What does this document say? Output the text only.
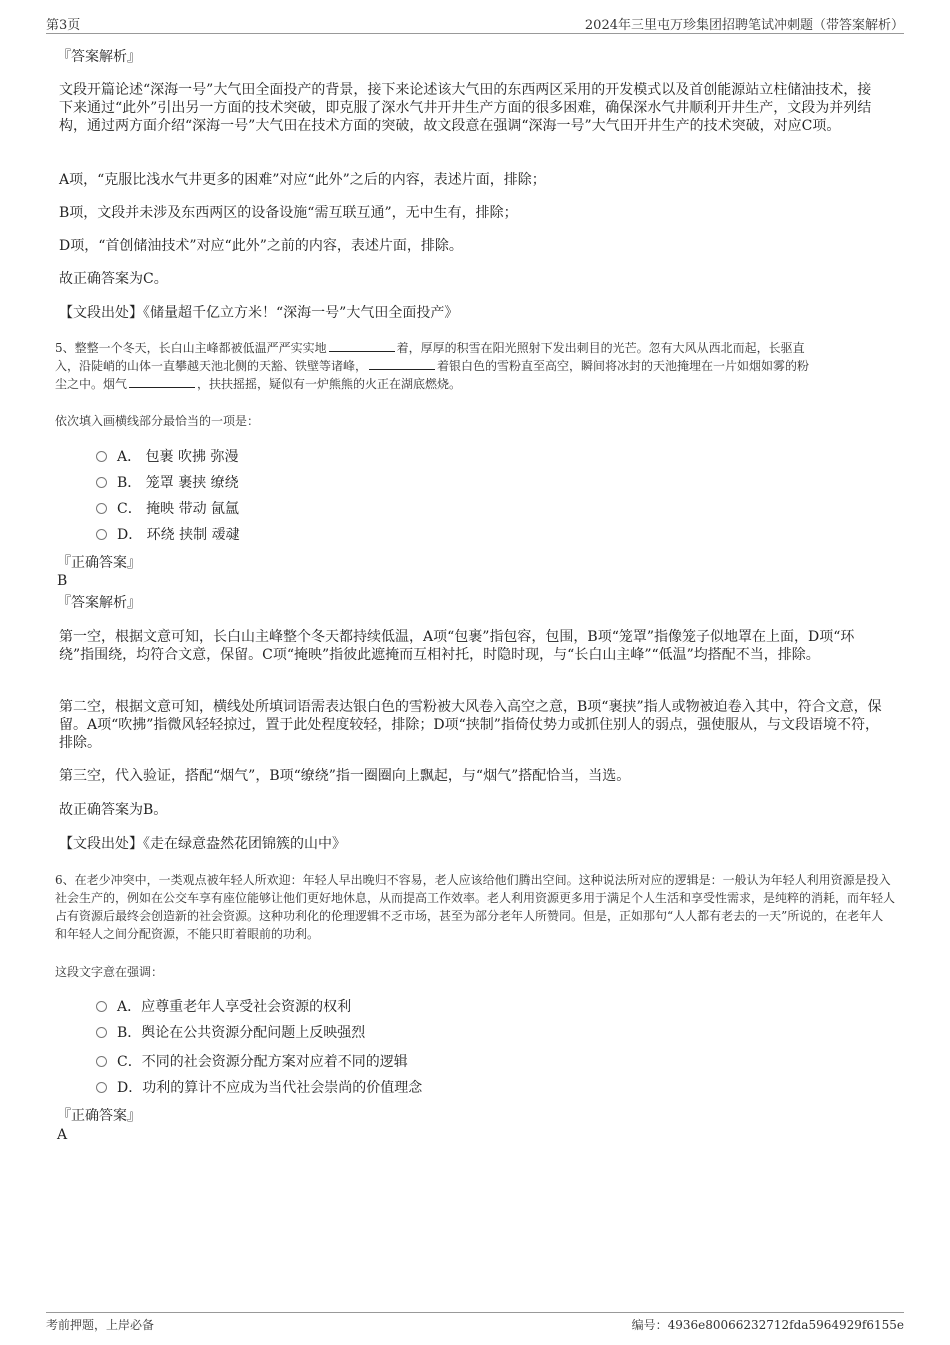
第3页	2024年三里屯万珍集团招聘笔试冲刺题（带答案解析）
『答案解析』
文段开篇论述“深海一号”大气田全面投产的背景，接下来论述该大气田的东西两区采用的开发模式以及首创能源站立柱储油技术，接下来通过“此外”引出另一方面的技术突破，即克服了深水气井开井生产方面的很多困难，确保深水气井顺利开井生产，文段为并列结构，通过两方面介绍“深海一号”大气田在技术方面的突破，故文段意在强调“深海一号”大气田开井生产的技术突破，对应C项。
A项，“克服比浅水气井更多的困难”对应“此外”之后的内容，表述片面，排除；
B项，文段并未涉及东西两区的设备设施“需互联互通”，无中生有，排除；
D项，“首创储油技术”对应“此外”之前的内容，表述片面，排除。
故正确答案为C。
【文段出处】《储量超千亿立方米！“深海一号”大气田全面投产》
5、整整一个冬天，长白山主峰都被低温严严实实地	着，厚厚的积雪在阳光照射下发出刺目的光芒。忽有大风从西北而起，长驱直
入，沿陡峭的山体一直攀越天池北侧的天豁、铁壁等诸峰，	着银白色的雪粉直至高空，瞬间将冰封的天池掩埋在一片如烟如雾的粉
尘之中。烟气	，扶扶摇摇，疑似有一炉熊熊的火正在湖底燃烧。
依次填入画横线部分最恰当的一项是：
A． 包裹 吹拂 弥漫
B． 笼罩 裹挟 缭绕
C． 掩映 带动 氤氲
D． 环绕 挟制 叆叇
『正确答案』
B
『答案解析』
第一空，根据文意可知，长白山主峰整个冬天都持续低温，A项“包裹”指包容，包围，B项“笼罩”指像笼子似地罩在上面，D项“环绕”指围绕，均符合文意，保留。C项“掩映”指彼此遮掩而互相衬托，时隐时现，与“长白山主峰”“低温”均搭配不当，排除。
第二空，根据文意可知，横线处所填词语需表达银白色的雪粉被大风卷入高空之意，B项“裹挟”指人或物被迫卷入其中，符合文意，保留。A项“吹拂”指微风轻轻掠过，置于此处程度较轻，排除；D项“挟制”指倚仗势力或抓住别人的弱点，强使服从，与文段语境不符，排除。
第三空，代入验证，搭配“烟气”，B项“缭绕”指一圈圈向上飘起，与“烟气”搭配恰当，当选。
故正确答案为B。
【文段出处】《走在绿意盎然花团锦簇的山中》
6、在老少冲突中，一类观点被年轻人所欢迎：年轻人早出晚归不容易，老人应该给他们腾出空间。这种说法所对应的逻辑是：一般认为年轻人利用资源是投入社会生产的，例如在公交车享有座位能够让他们更好地休息，从而提高工作效率。老人利用资源更多用于满足个人生活和享受性需求，是纯粹的消耗，而年轻人占有资源后最终会创造新的社会资源。这种功利化的伦理逻辑不乏市场，甚至为部分老年人所赞同。但是，正如那句“人人都有老去的一天”所说的，在老年人和年轻人之间分配资源，不能只盯着眼前的功利。
这段文字意在强调：
A．应尊重老年人享受社会资源的权利
B．舆论在公共资源分配问题上反映强烈
C．不同的社会资源分配方案对应着不同的逻辑
D．功利的算计不应成为当代社会崇尚的价值理念
『正确答案』
A
考前押题，上岸必备	编号：4936e80066232712fda5964929f6155e
